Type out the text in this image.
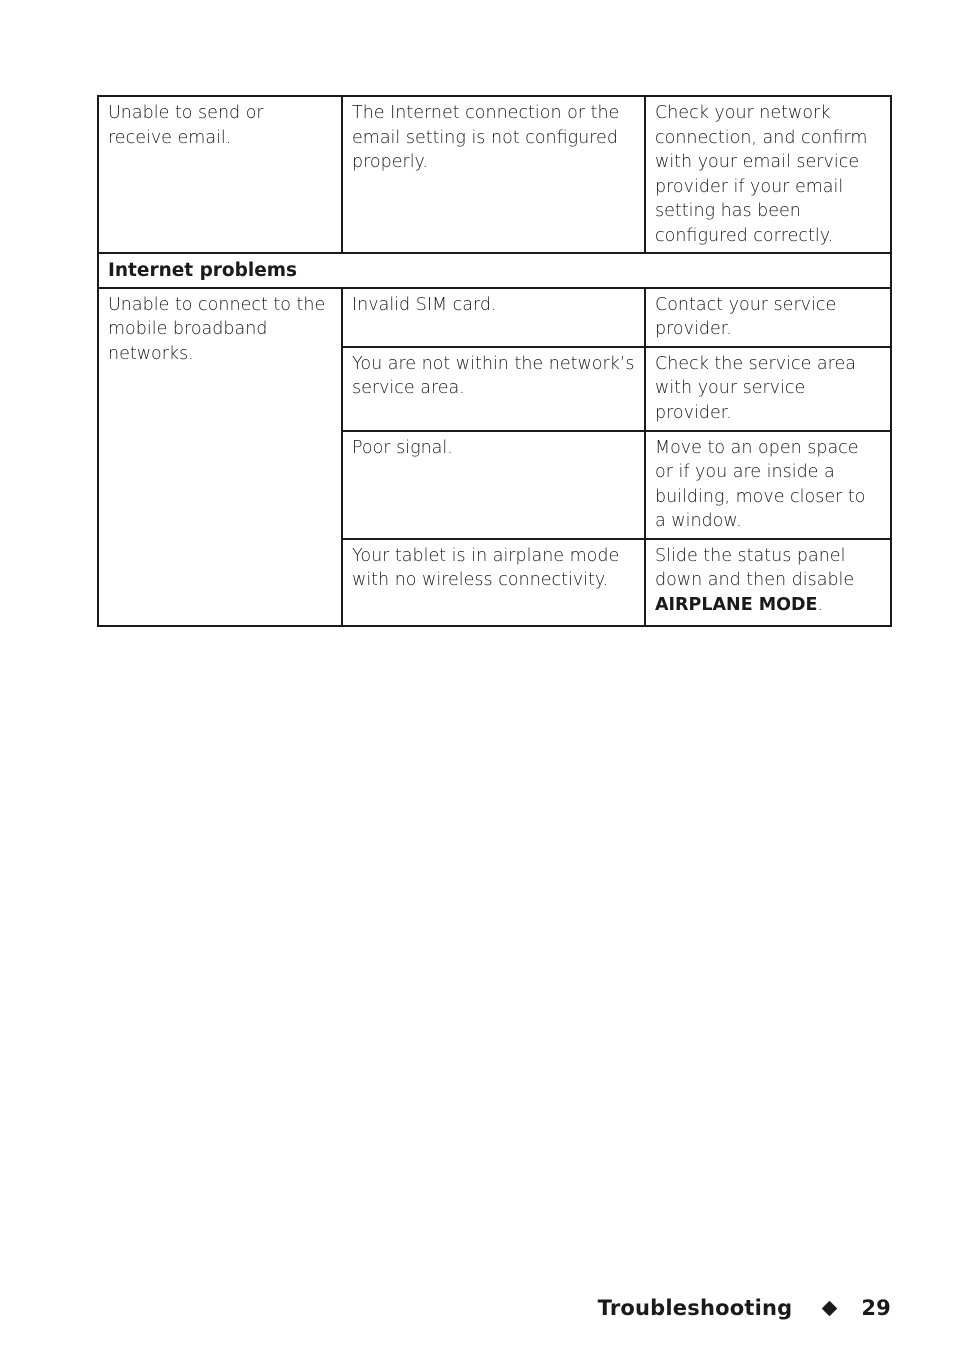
Unable to send or receive email.	The Internet connection or the email setting is not configured properly.	Check your network connection, and confirm with your email service provider if your email setting has been configured correctly.
Internet problems		
Unable to connect to the mobile broadband networks.	Invalid SIM card.	Contact your service provider.
	You are not within the network’s service area.	Check the service area with your service provider.
	Poor signal.	Move to an open space or if you are inside a building, move closer to a window.
	Your tablet is in airplane mode with no wireless connectivity.	Slide the status panel down and then disable AIRPLANE MODE.
Troubleshooting	29
